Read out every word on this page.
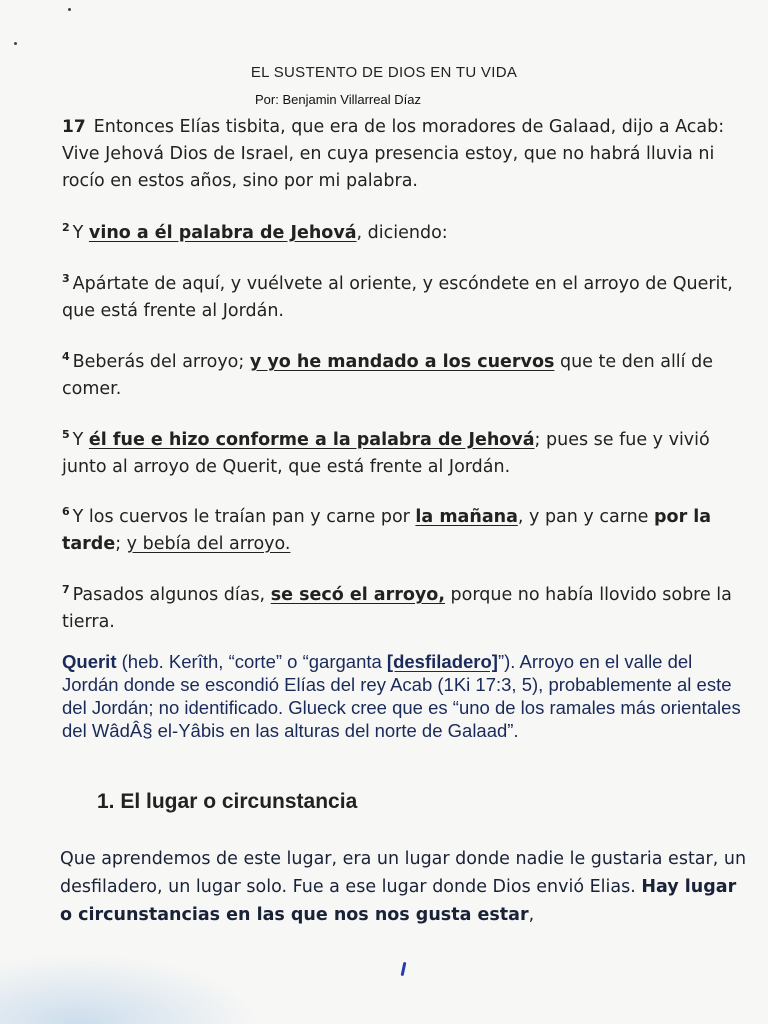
EL SUSTENTO DE DIOS EN TU VIDA
Por: Benjamin Villarreal Díaz
17 Entonces Elías tisbita, que era de los moradores de Galaad, dijo a Acab: Vive Jehová Dios de Israel, en cuya presencia estoy, que no habrá lluvia ni rocío en estos años, sino por mi palabra.
$^2$ Y vino a él palabra de Jehová, diciendo:
$^3$ Apártate de aquí, y vuélvete al oriente, y escóndete en el arroyo de Querit, que está frente al Jordán.
$^4$ Beberás del arroyo; y yo he mandado a los cuervos que te den allí de comer.
$^5$ Y él fue e hizo conforme a la palabra de Jehová; pues se fue y vivió junto al arroyo de Querit, que está frente al Jordán.
$^6$ Y los cuervos le traían pan y carne por la mañana, y pan y carne por la tarde; y bebía del arroyo.
$^7$ Pasados algunos días, se secó el arroyo, porque no había llovido sobre la tierra.
Querit (heb. Kerîth, “corte” o “garganta [desfiladero]”). Arroyo en el valle del Jordán donde se escondió Elías del rey Acab (1Ki 17:3, 5), probablemente al este del Jordán; no identificado. Glueck cree que es “uno de los ramales más orientales del WâdÂ§ el-Yâbis en las alturas del norte de Galaad”.
1. El lugar o circunstancia
Que aprendemos de este lugar, era un lugar donde nadie le gustaria estar, un desfiladero, un lugar solo. Fue a ese lugar donde Dios envió Elias. Hay lugar o circunstancias en las que nos nos gusta estar,
